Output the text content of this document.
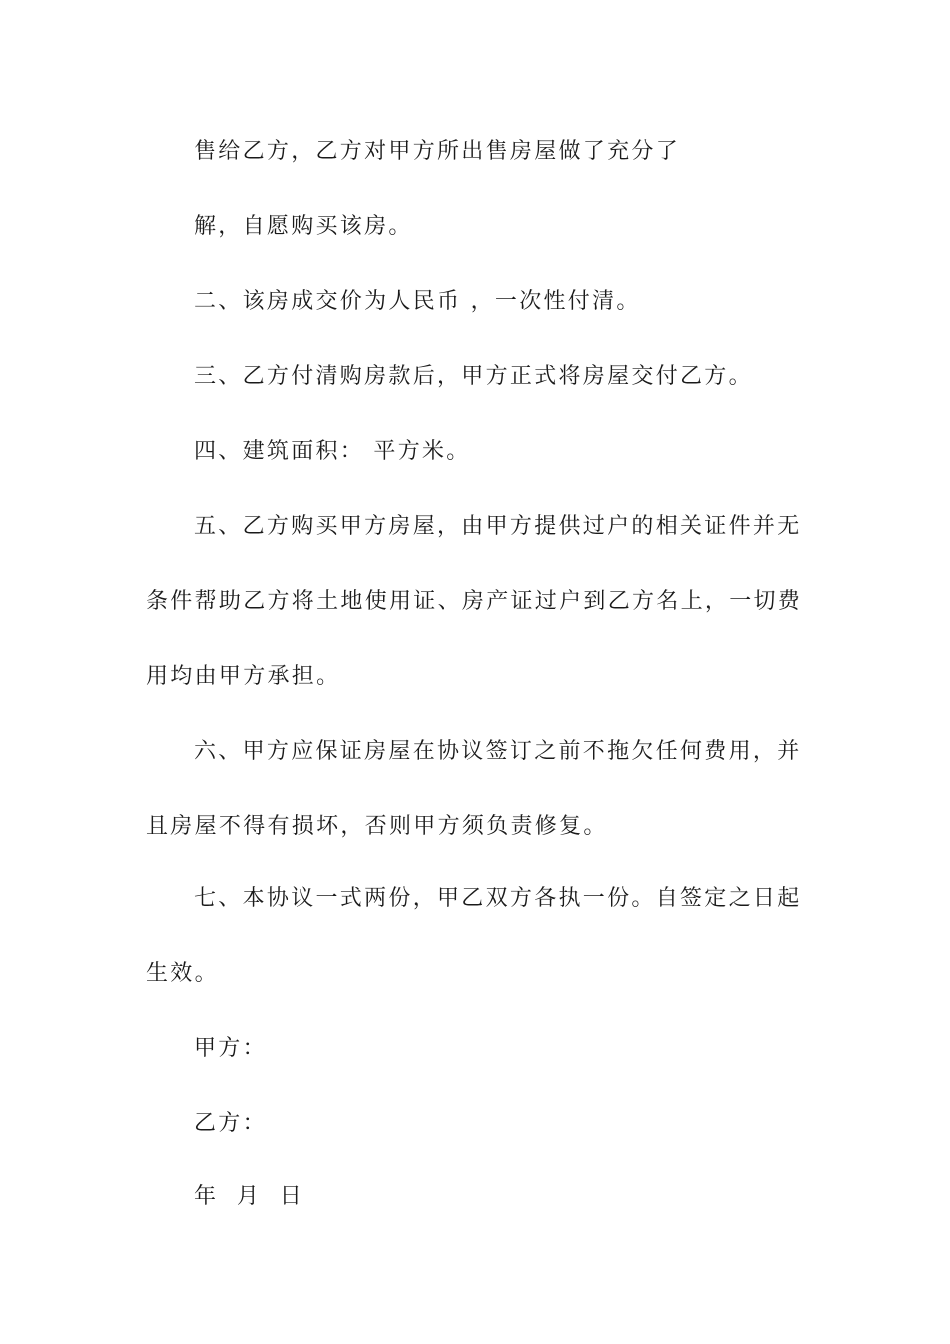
售给乙方，乙方对甲方所出售房屋做了充分了
解，自愿购买该房。
二、该房成交价为人民币 ，一次性付清。
三、乙方付清购房款后，甲方正式将房屋交付乙方。
四、建筑面积： 平方米。
五、乙方购买甲方房屋，由甲方提供过户的相关证件并无
条件帮助乙方将土地使用证、房产证过户到乙方名上，一切费
用均由甲方承担。
六、甲方应保证房屋在协议签订之前不拖欠任何费用，并
且房屋不得有损坏，否则甲方须负责修复。
七、本协议一式两份，甲乙双方各执一份。自签定之日起
生效。
甲方：
乙方：
年  月  日
